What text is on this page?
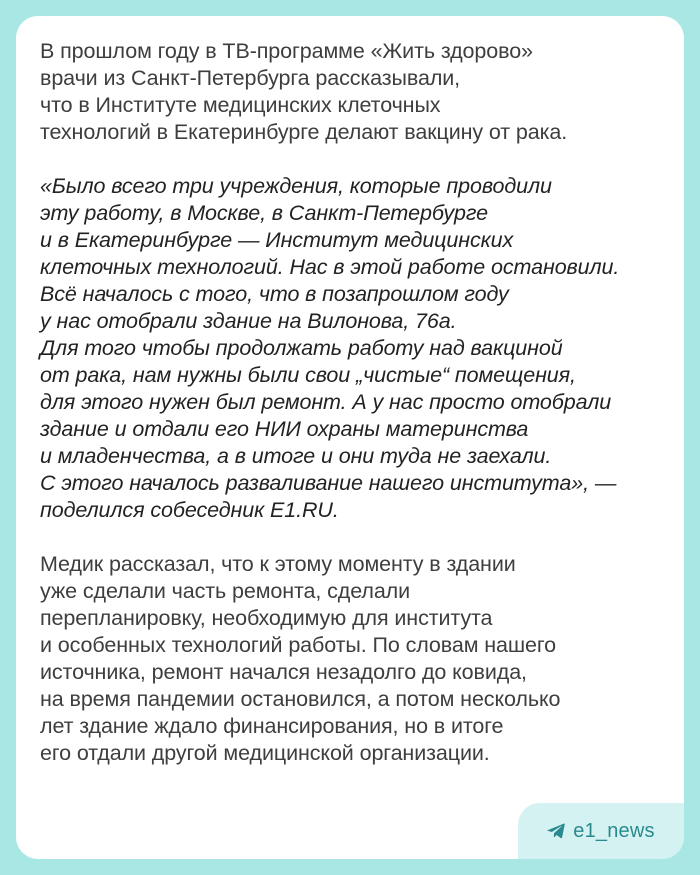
В прошлом году в ТВ-программе «Жить здорово»
врачи из Санкт-Петербурга рассказывали,
что в Институте медицинских клеточных
технологий в Екатеринбурге делают вакцину от рака.

«Было всего три учреждения, которые проводили
эту работу, в Москве, в Санкт-Петербурге
и в Екатеринбурге — Институт медицинских
клеточных технологий. Нас в этой работе остановили.
Всё началось с того, что в позапрошлом году
у нас отобрали здание на Вилонова, 76а.
Для того чтобы продолжать работу над вакциной
от рака, нам нужны были свои „чистые“ помещения,
для этого нужен был ремонт. А у нас просто отобрали
здание и отдали его НИИ охраны материнства
и младенчества, а в итоге и они туда не заехали.
С этого началось разваливание нашего института», —
поделился собеседник E1.RU.

Медик рассказал, что к этому моменту в здании
уже сделали часть ремонта, сделали
перепланировку, необходимую для института
и особенных технологий работы. По словам нашего
источника, ремонт начался незадолго до ковида,
на время пандемии остановился, а потом несколько
лет здание ждало финансирования, но в итоге
его отдали другой медицинской организации.

e1_news
